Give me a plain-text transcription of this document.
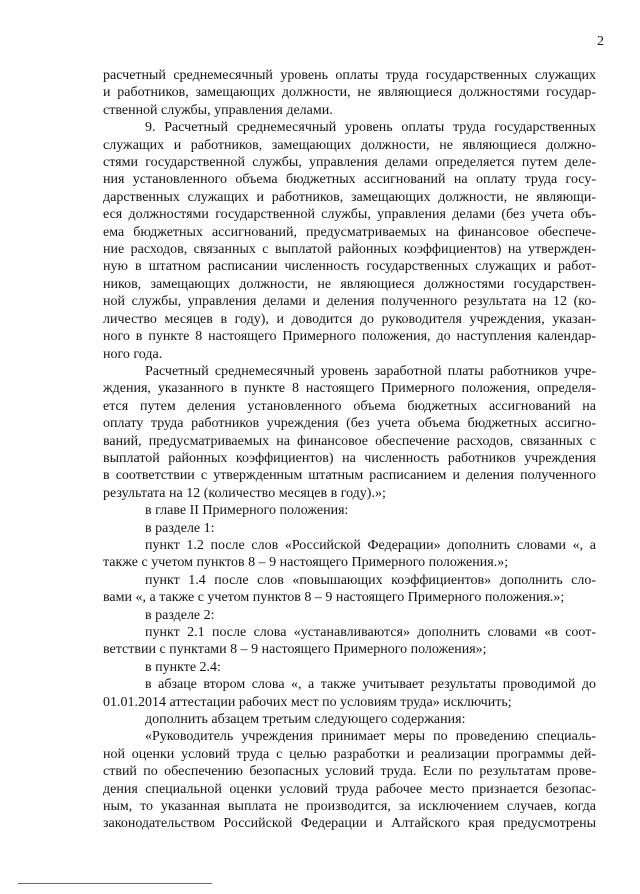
2
расчетный среднемесячный уровень оплаты труда государственных служащих
и работников, замещающих должности, не являющиеся должностями государ-
ственной службы, управления делами.
9. Расчетный среднемесячный уровень оплаты труда государственных
служащих и работников, замещающих должности, не являющиеся должно-
стями государственной службы, управления делами определяется путем деле-
ния установленного объема бюджетных ассигнований на оплату труда госу-
дарственных служащих и работников, замещающих должности, не являющи-
еся должностями государственной службы, управления делами (без учета объ-
ема бюджетных ассигнований, предусматриваемых на финансовое обеспече-
ние расходов, связанных с выплатой районных коэффициентов) на утвержден-
ную в штатном расписании численность государственных служащих и работ-
ников, замещающих должности, не являющиеся должностями государствен-
ной службы, управления делами и деления полученного результата на 12 (ко-
личество месяцев в году), и доводится до руководителя учреждения, указан-
ного в пункте 8 настоящего Примерного положения, до наступления календар-
ного года.
Расчетный среднемесячный уровень заработной платы работников учре-
ждения, указанного в пункте 8 настоящего Примерного положения, определя-
ется путем деления установленного объема бюджетных ассигнований на
оплату труда работников учреждения (без учета объема бюджетных ассигно-
ваний, предусматриваемых на финансовое обеспечение расходов, связанных с
выплатой районных коэффициентов) на численность работников учреждения
в соответствии с утвержденным штатным расписанием и деления полученного
результата на 12 (количество месяцев в году).»;
в главе II Примерного положения:
в разделе 1:
пункт 1.2 после слов «Российской Федерации» дополнить словами «, а
также с учетом пунктов 8 – 9 настоящего Примерного положения.»;
пункт 1.4 после слов «повышающих коэффициентов» дополнить сло-
вами «, а также с учетом пунктов 8 – 9 настоящего Примерного положения.»;
в разделе 2:
пункт 2.1 после слова «устанавливаются» дополнить словами «в соот-
ветствии с пунктами 8 – 9 настоящего Примерного положения»;
в пункте 2.4:
в абзаце втором слова «, а также учитывает результаты проводимой до
01.01.2014 аттестации рабочих мест по условиям труда» исключить;
дополнить абзацем третьим следующего содержания:
«Руководитель учреждения принимает меры по проведению специаль-
ной оценки условий труда с целью разработки и реализации программы дей-
ствий по обеспечению безопасных условий труда. Если по результатам прове-
дения специальной оценки условий труда рабочее место признается безопас-
ным, то указанная выплата не производится, за исключением случаев, когда
законодательством Российской Федерации и Алтайского края предусмотрены
